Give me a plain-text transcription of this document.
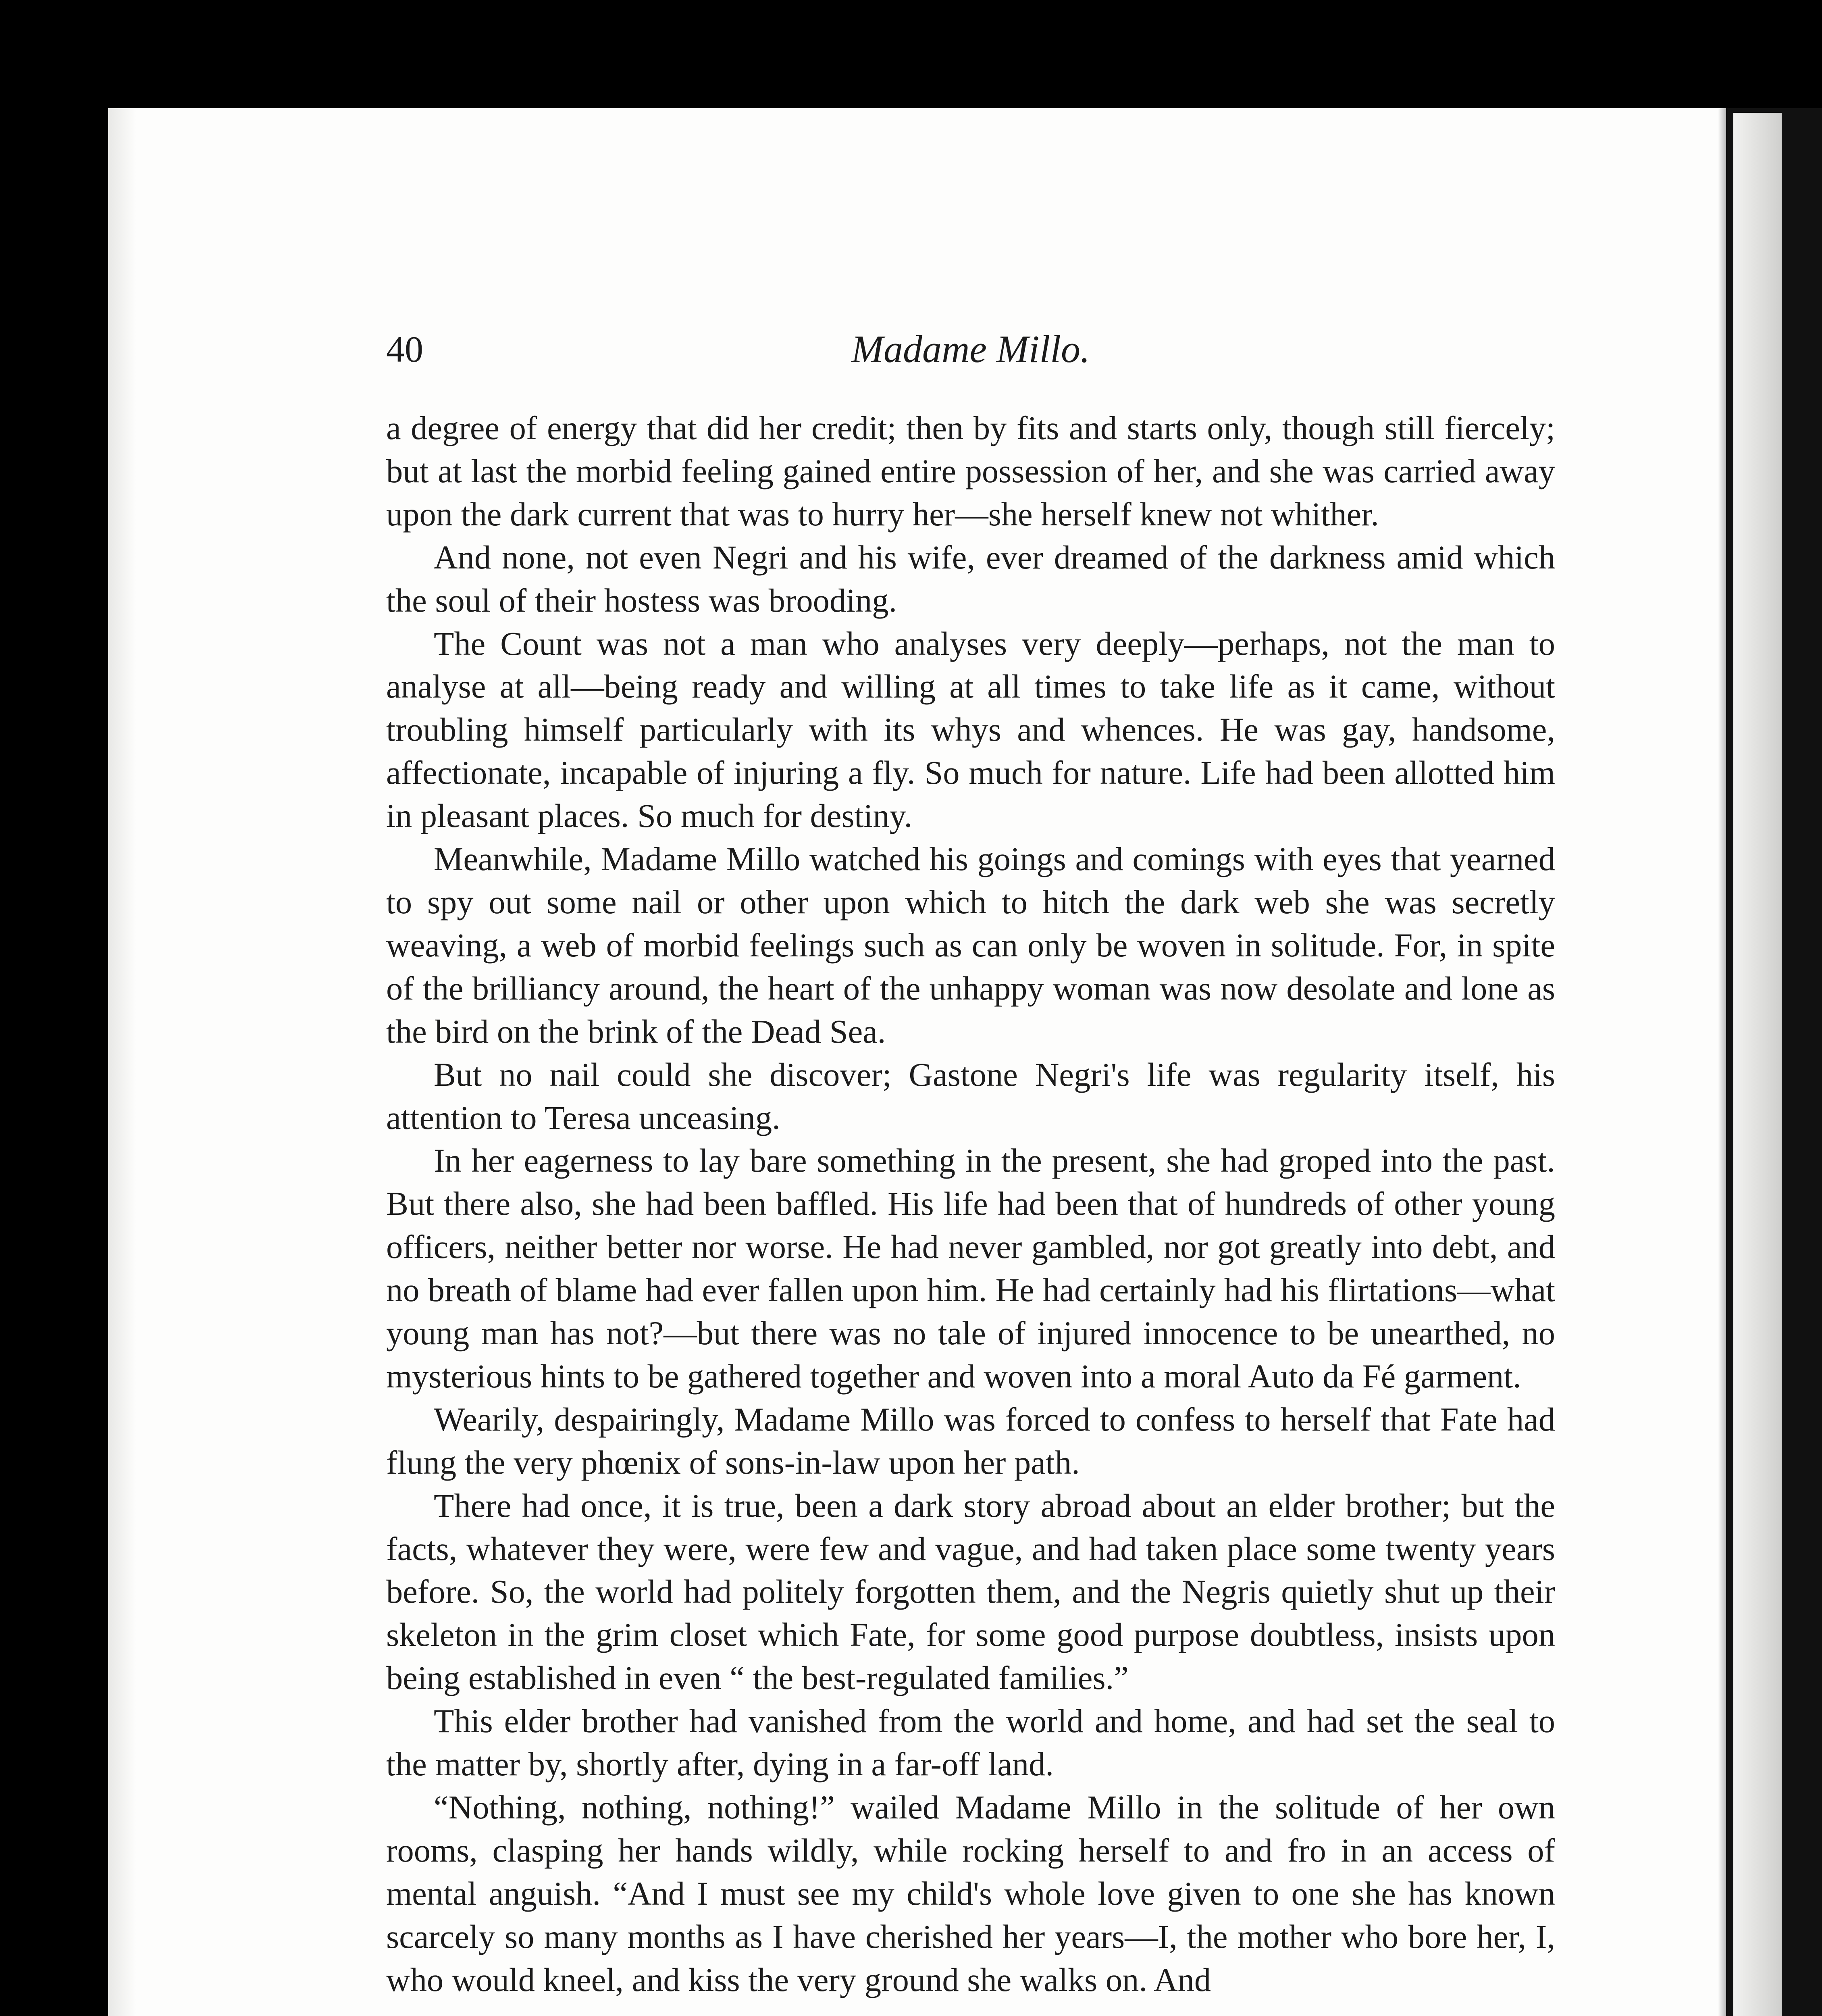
40	Madame Millo.

a degree of energy that did her credit; then by fits and starts only, though still fiercely; but at last the morbid feeling gained entire possession of her, and she was carried away upon the dark current that was to hurry her—she herself knew not whither.

And none, not even Negri and his wife, ever dreamed of the darkness amid which the soul of their hostess was brooding.

The Count was not a man who analyses very deeply—perhaps, not the man to analyse at all—being ready and willing at all times to take life as it came, without troubling himself particularly with its whys and whences. He was gay, handsome, affectionate, incapable of injuring a fly. So much for nature. Life had been allotted him in pleasant places. So much for destiny.

Meanwhile, Madame Millo watched his goings and comings with eyes that yearned to spy out some nail or other upon which to hitch the dark web she was secretly weaving, a web of morbid feelings such as can only be woven in solitude. For, in spite of the brilliancy around, the heart of the unhappy woman was now desolate and lone as the bird on the brink of the Dead Sea.

But no nail could she discover; Gastone Negri's life was regularity itself, his attention to Teresa unceasing.

In her eagerness to lay bare something in the present, she had groped into the past. But there also, she had been baffled. His life had been that of hundreds of other young officers, neither better nor worse. He had never gambled, nor got greatly into debt, and no breath of blame had ever fallen upon him. He had certainly had his flirtations—what young man has not?—but there was no tale of injured innocence to be unearthed, no mysterious hints to be gathered together and woven into a moral Auto da Fé garment.

Wearily, despairingly, Madame Millo was forced to confess to herself that Fate had flung the very phœnix of sons-in-law upon her path.

There had once, it is true, been a dark story abroad about an elder brother; but the facts, whatever they were, were few and vague, and had taken place some twenty years before. So, the world had politely forgotten them, and the Negris quietly shut up their skeleton in the grim closet which Fate, for some good purpose doubtless, insists upon being established in even “ the best-regulated families.”

This elder brother had vanished from the world and home, and had set the seal to the matter by, shortly after, dying in a far-off land.

“Nothing, nothing, nothing!” wailed Madame Millo in the solitude of her own rooms, clasping her hands wildly, while rocking herself to and fro in an access of mental anguish. “And I must see my child's whole love given to one she has known scarcely so many months as I have cherished her years—I, the mother who bore her, I, who would kneel, and kiss the very ground she walks on. And
